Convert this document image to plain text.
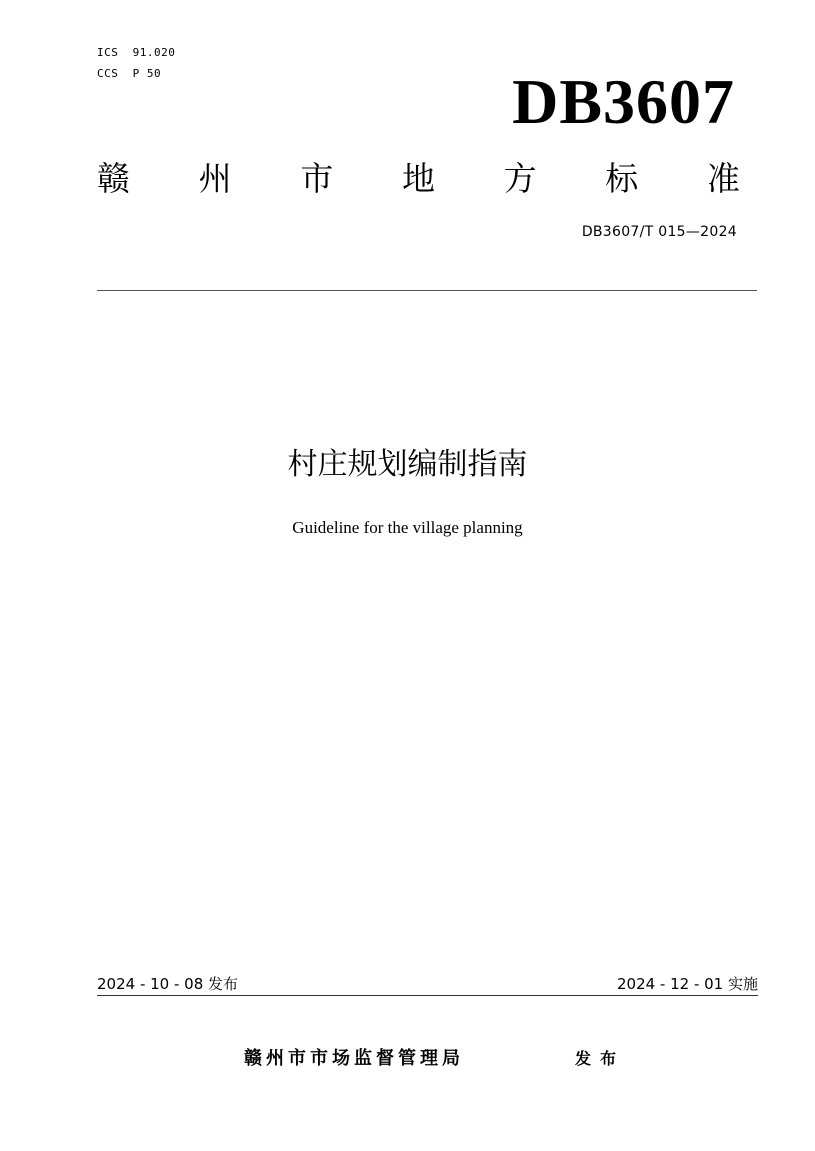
ICS  91.020
CCS  P 50	DB3607
赣 州 市 地 方 标 准
DB3607/T 015—2024
村庄规划编制指南
Guideline for the village planning
2024 - 10 - 08 发布	2024 - 12 - 01 实施
赣州市市场监督管理局	发布
